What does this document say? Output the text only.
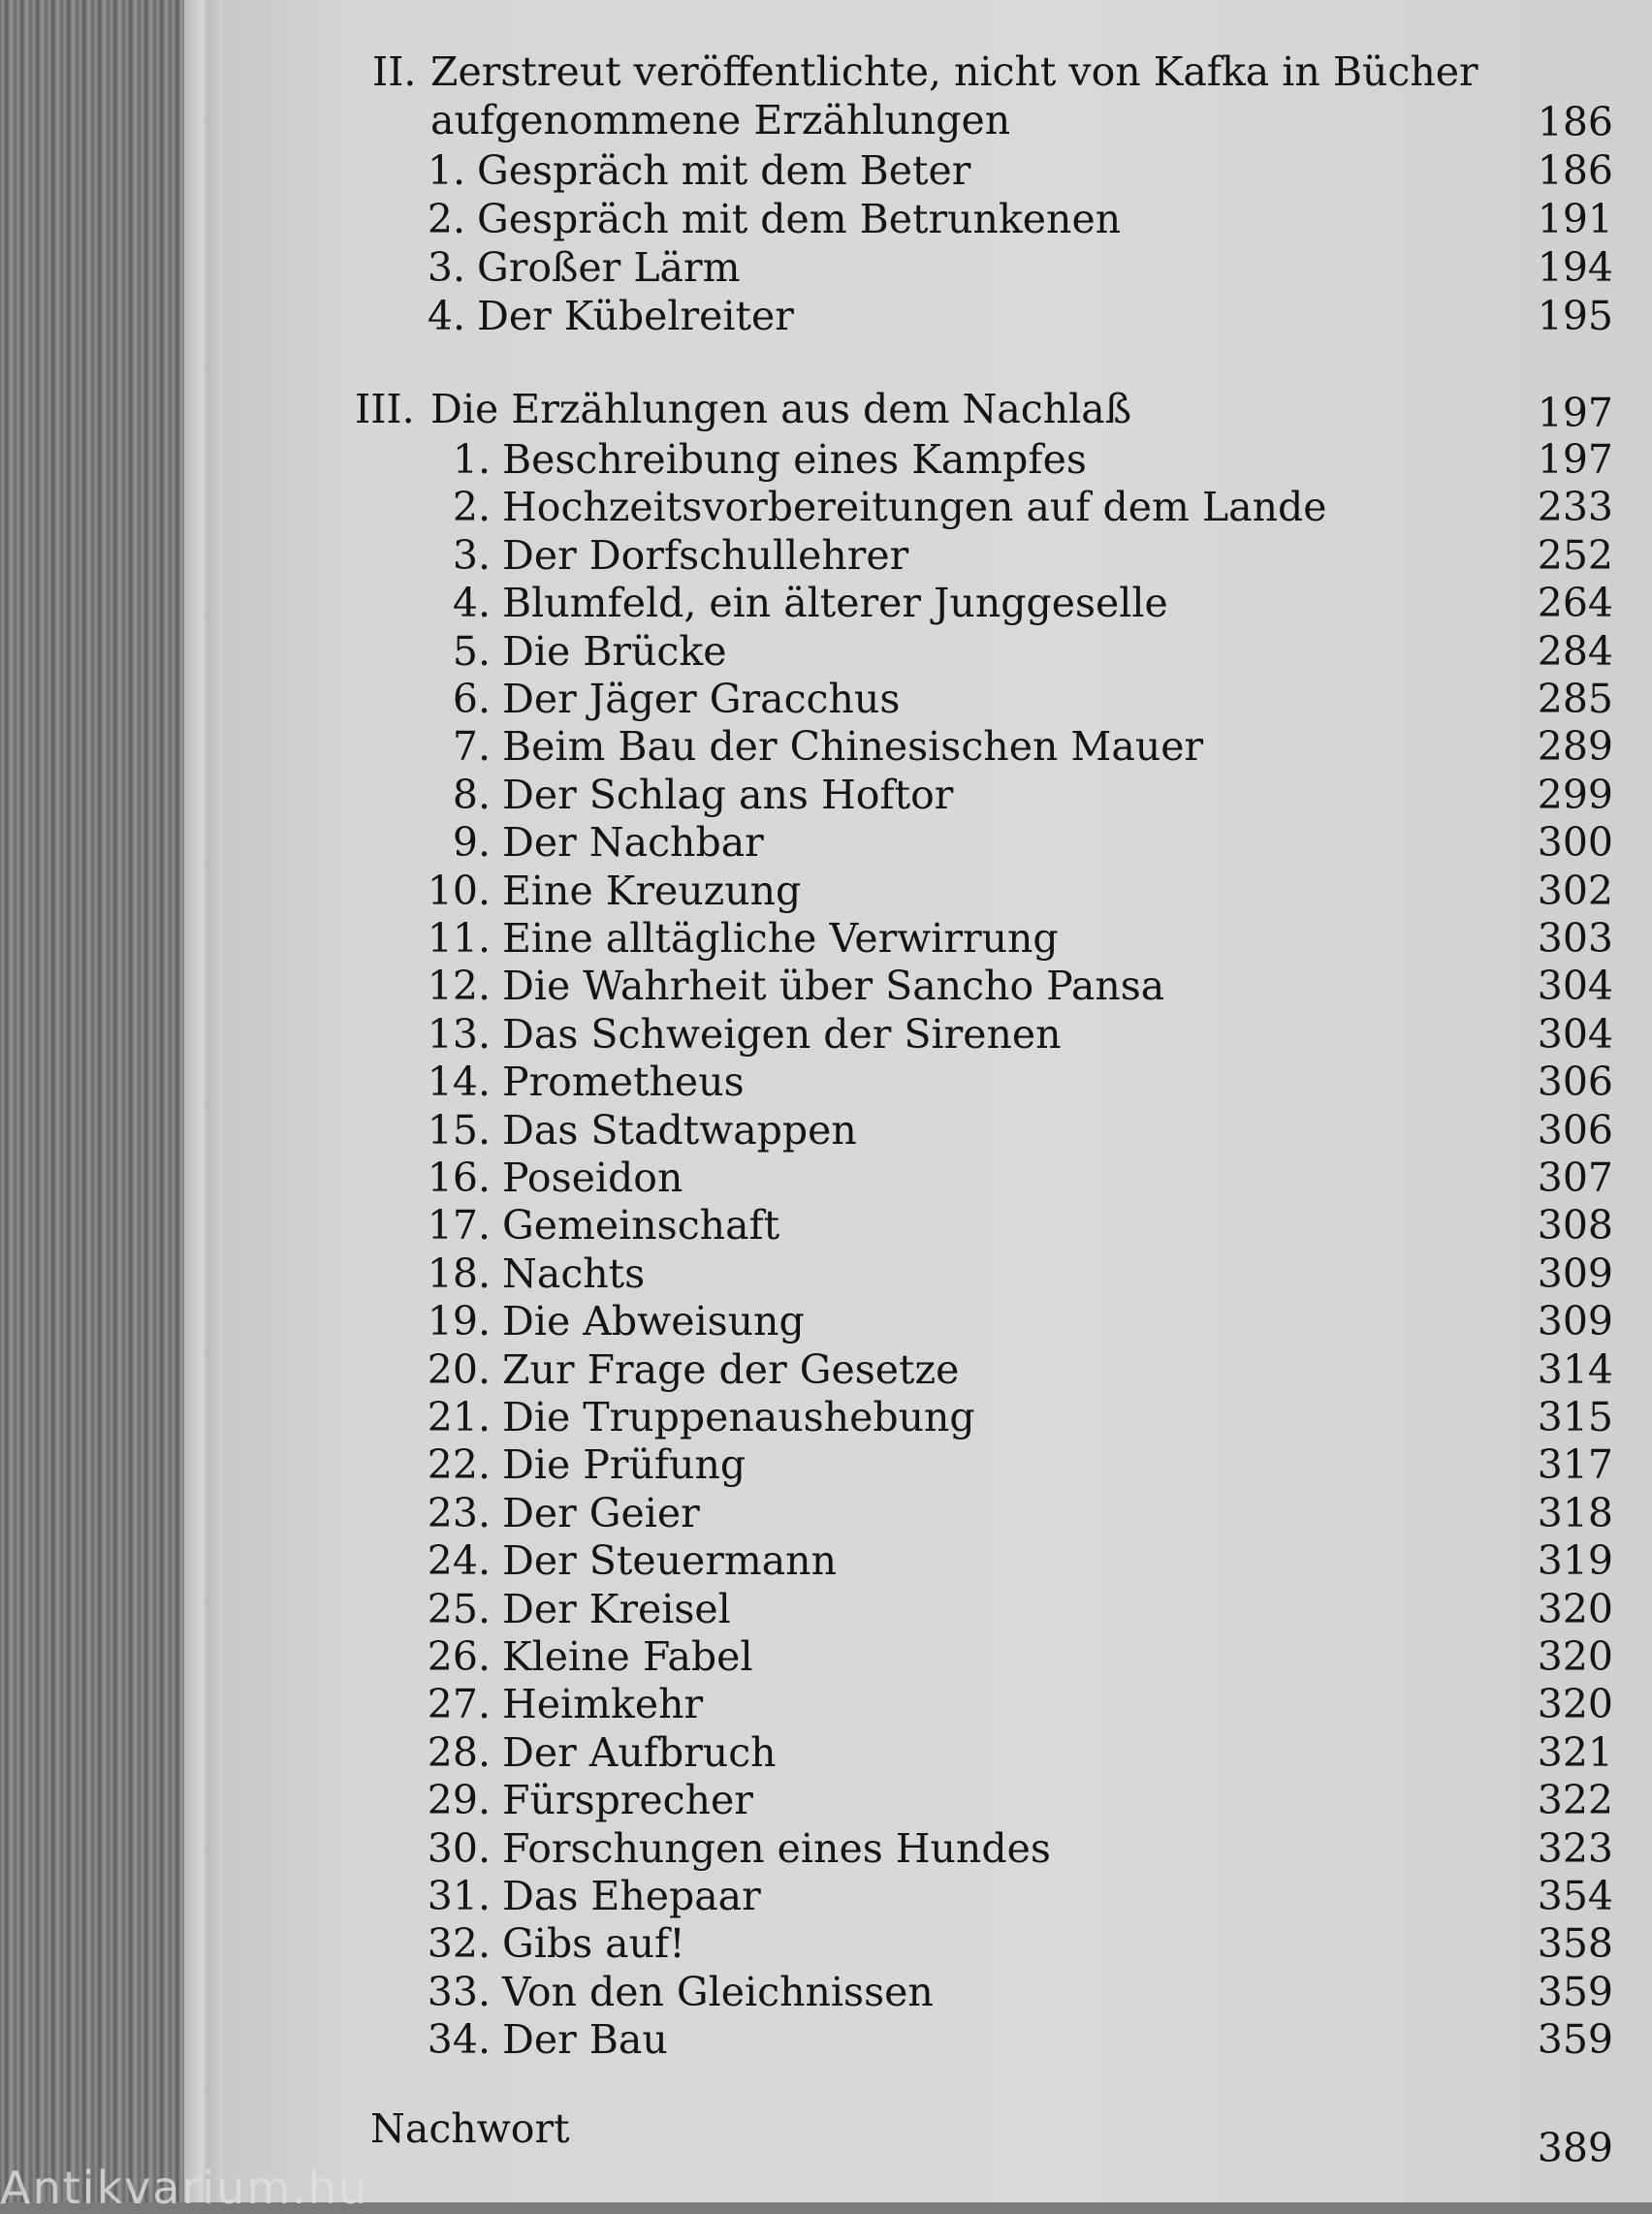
II. Zerstreut veröffentlichte, nicht von Kafka in Bücher
aufgenommene Erzählungen	186
1. Gespräch mit dem Beter	186
2. Gespräch mit dem Betrunkenen	191
3. Großer Lärm	194
4. Der Kübelreiter	195
III. Die Erzählungen aus dem Nachlaß	197
1. Beschreibung eines Kampfes	197
2. Hochzeitsvorbereitungen auf dem Lande	233
3. Der Dorfschullehrer	252
4. Blumfeld, ein älterer Junggeselle	264
5. Die Brücke	284
6. Der Jäger Gracchus	285
7. Beim Bau der Chinesischen Mauer	289
8. Der Schlag ans Hoftor	299
9. Der Nachbar	300
10. Eine Kreuzung	302
11. Eine alltägliche Verwirrung	303
12. Die Wahrheit über Sancho Pansa	304
13. Das Schweigen der Sirenen	304
14. Prometheus	306
15. Das Stadtwappen	306
16. Poseidon	307
17. Gemeinschaft	308
18. Nachts	309
19. Die Abweisung	309
20. Zur Frage der Gesetze	314
21. Die Truppenaushebung	315
22. Die Prüfung	317
23. Der Geier	318
24. Der Steuermann	319
25. Der Kreisel	320
26. Kleine Fabel	320
27. Heimkehr	320
28. Der Aufbruch	321
29. Fürsprecher	322
30. Forschungen eines Hundes	323
31. Das Ehepaar	354
32. Gibs auf!	358
33. Von den Gleichnissen	359
34. Der Bau	359
Nachwort	389
Antikvarium.hu
